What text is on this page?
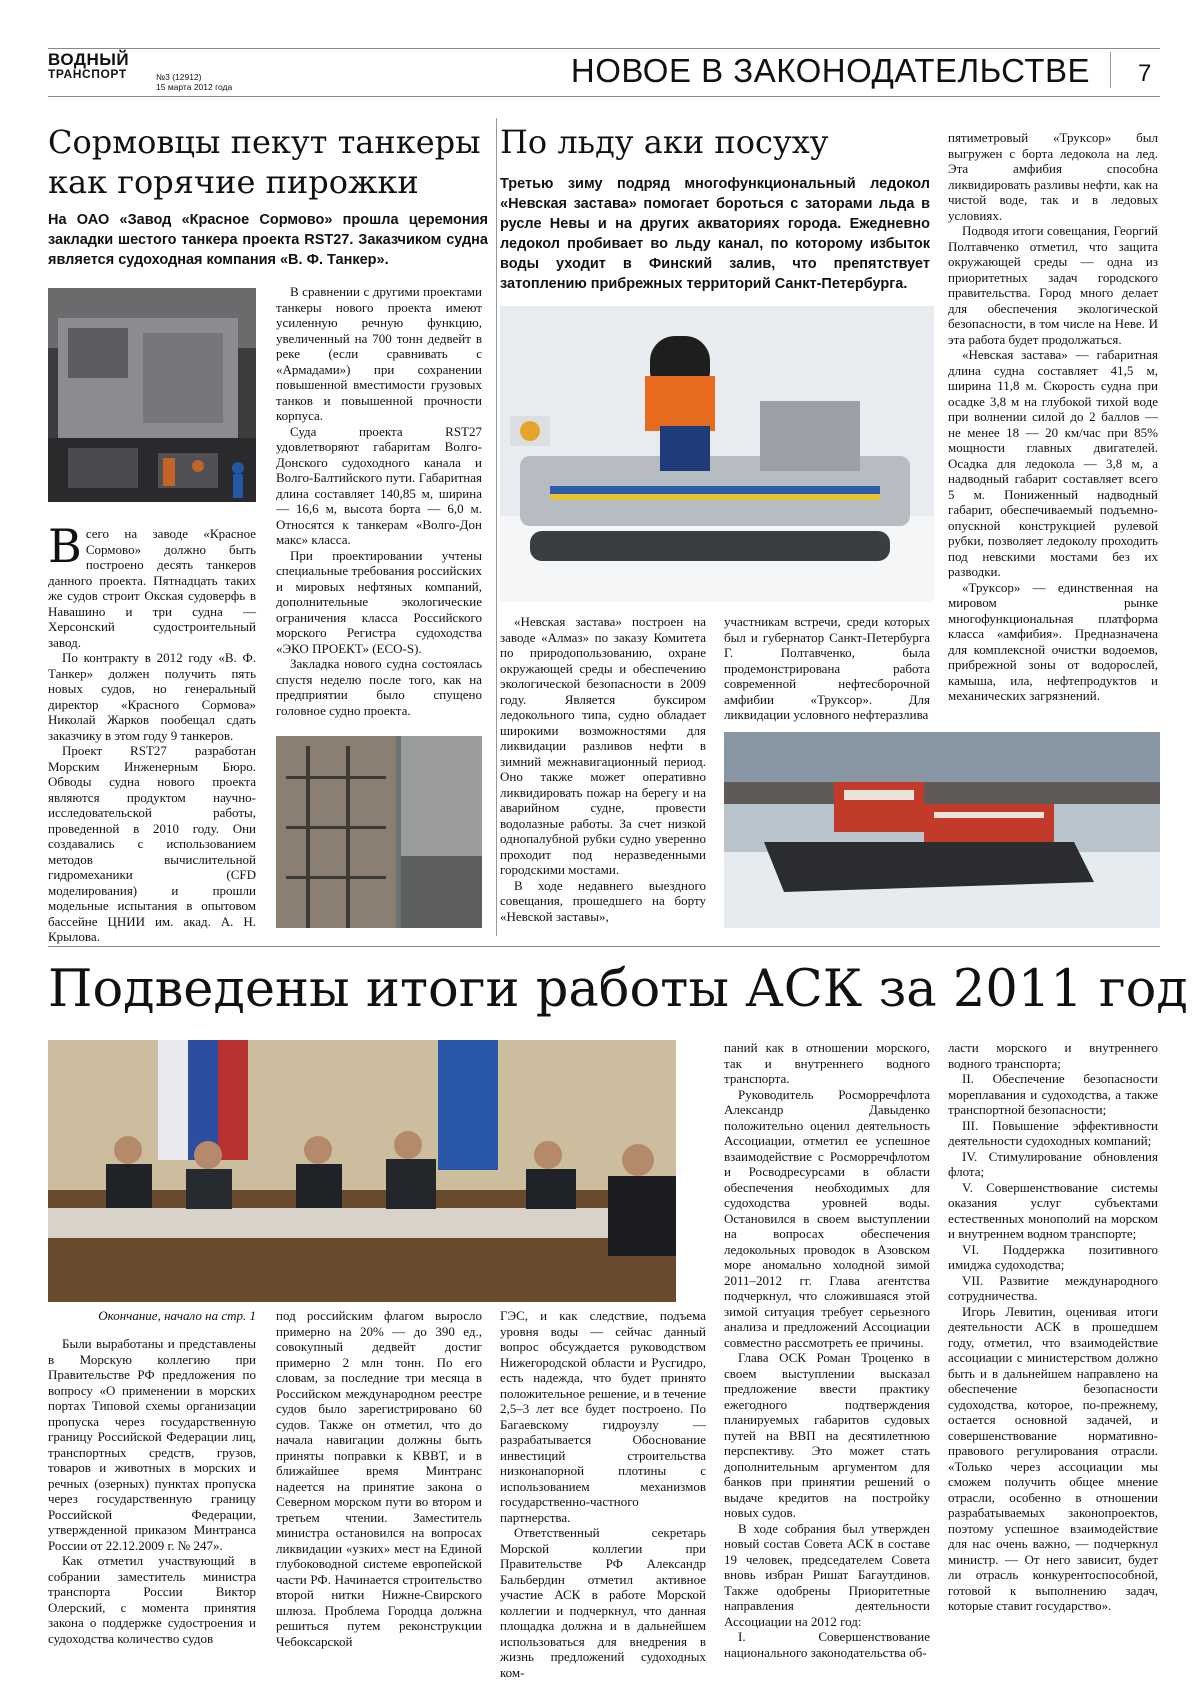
ВОДНЫЙ
ТРАНСПОРТ	№3 (12912)
15 марта 2012 года	НОВОЕ В ЗАКОНОДАТЕЛЬСТВЕ 7
Сормовцы пекут танкеры как горячие пирожки
На ОАО «Завод «Красное Сормово» прошла церемония закладки шестого танкера проекта RST27. Заказчиком судна является судоходная компания «В. Ф. Танкер».
В сего на заводе «Красное Сормово» должно быть построено десять танкеров данного проекта. Пятнадцать таких же судов строит Окская судоверфь в Навашино и три судна — Херсонский судостроительный завод.

По контракту в 2012 году «В. Ф. Танкер» должен получить пять новых судов, но генеральный директор «Красного Сормова» Николай Жарков пообещал сдать заказчику в этом году 9 танкеров.

Проект RST27 разработан Морским Инженерным Бюро. Обводы судна нового проекта являются продуктом научно-исследовательской работы, проведенной в 2010 году. Они создавались с использованием методов вычислительной гидромеханики (CFD моделирования) и прошли модельные испытания в опытовом бассейне ЦНИИ им. акад. А. Н. Крылова.

В сравнении с другими проектами танкеры нового проекта имеют усиленную речную функцию, увеличенный на 700 тонн дедвейт в реке (если сравнивать с «Армадами») при сохранении повышенной вместимости грузовых танков и повышенной прочности корпуса.

Суда проекта RST27 удовлетворяют габаритам Волго-Донского судоходного канала и Волго-Балтийского пути. Габаритная длина составляет 140,85 м, ширина — 16,6 м, высота борта — 6,0 м. Относятся к танкерам «Волго-Дон макс» класса.

При проектировании учтены специальные требования российских и мировых нефтяных компаний, дополнительные экологические ограничения класса Российского морского Регистра судоходства «ЭКО ПРОЕКТ» (ECO-S).

Закладка нового судна состоялась спустя неделю после того, как на предприятии было спущено головное судно проекта.

По льду аки посуху
Третью зиму подряд многофункциональный ледокол «Невская застава» помогает бороться с заторами льда в русле Невы и на других акваториях города. Ежедневно ледокол пробивает во льду канал, по которому избыток воды уходит в Финский залив, что препятствует затоплению прибрежных территорий Санкт-Петербурга.

«Невская застава» построен на заводе «Алмаз» по заказу Комитета по природопользованию, охране окружающей среды и обеспечению экологической безопасности в 2009 году. Является буксиром ледокольного типа, судно обладает широкими возможностями для ликвидации разливов нефти в зимний межнавигационный период. Оно также может оперативно ликвидировать пожар на берегу и на аварийном судне, провести водолазные работы. За счет низкой однопалубной рубки судно уверенно проходит под неразведенными городскими мостами.

В ходе недавнего выездного совещания, прошедшего на борту «Невской заставы»,

участникам встречи, среди которых был и губернатор Санкт-Петербурга Г. Полтавченко, была продемонстрирована работа современной нефтесборочной амфибии «Трукcор». Для ликвидации условного нефтеразлива

пятиметровый «Трукcор» был выгружен с борта ледокола на лед. Эта амфибия способна ликвидировать разливы нефти, как на чистой воде, так и в ледовых условиях.

Подводя итоги совещания, Георгий Полтавченко отметил, что защита окружающей среды — одна из приоритетных задач городского правительства. Город много делает для обеспечения экологической безопасности, в том числе на Неве. И эта работа будет продолжаться.

«Невская застава» — габаритная длина судна составляет 41,5 м, ширина 11,8 м. Скорость судна при осадке 3,8 м на глубокой тихой воде при волнении силой до 2 баллов — не менее 18 — 20 км/час при 85% мощности главных двигателей. Осадка для ледокола — 3,8 м, а надводный габарит составляет всего 5 м. Пониженный надводный габарит, обеспечиваемый подъемно-опускной конструкцией рулевой рубки, позволяет ледоколу проходить под невскими мостами без их разводки.

«Трукcор» — единственная на мировом рынке многофункциональная платформа класса «амфибия». Предназначена для комплексной очистки водоемов, прибрежной зоны от водорослей, камыша, ила, нефтепродуктов и механических загрязнений.

Подведены итоги работы АСК за 2011 год
Окончание, начало на стр. 1

Были выработаны и представлены в Морскую коллегию при Правительстве РФ предложения по вопросу «О применении в морских портах Типовой схемы организации пропуска через государственную границу Российской Федерации лиц, транспортных средств, грузов, товаров и животных в морских и речных (озерных) пунктах пропуска через государственную границу Российской Федерации, утвержденной приказом Минтранса России от 22.12.2009 г. № 247».

Как отметил участвующий в собрании заместитель министра транспорта России Виктор Олерский, с момента принятия закона о поддержке судостроения и судоходства количество судов

под российским флагом выросло примерно на 20% — до 390 ед., совокупный дедвейт достиг примерно 2 млн тонн. По его словам, за последние три месяца в Российском международном реестре судов было зарегистрировано 60 судов. Также он отметил, что до начала навигации должны быть приняты поправки к КВВТ, и в ближайшее время Минтранс надеется на принятие закона о Северном морском пути во втором и третьем чтении. Заместитель министра остановился на вопросах ликвидации «узких» мест на Единой глубоководной системе европейской части РФ. Начинается строительство второй нитки Нижне-Свирского шлюза. Проблема Городца должна решиться путем реконструкции Чебоксарской

ГЭС, и как следствие, подъема уровня воды — сейчас данный вопрос обсуждается руководством Нижегородской области и Русгидро, есть надежда, что будет принято положительное решение, и в течение 2,5–3 лет все будет построено. По Багаевскому гидроузлу — разрабатывается Обоснование инвестиций строительства низконапорной плотины с использованием механизмов государственно-частного партнерства.

Ответственный секретарь Морской коллегии при Правительстве РФ Александр Бальбердин отметил активное участие АСК в работе Морской коллегии и подчеркнул, что данная площадка должна и в дальнейшем использоваться для внедрения в жизнь предложений судоходных ком-

паний как в отношении морского, так и внутреннего водного транспорта.

Руководитель Росморречфлота Александр Давыденко положительно оценил деятельность Ассоциации, отметил ее успешное взаимодействие с Росморречфлотом и Росводресурсами в области обеспечения необходимых для судоходства уровней воды. Остановился в своем выступлении на вопросах обеспечения ледокольных проводок в Азовском море аномально холодной зимой 2011–2012 гг. Глава агентства подчеркнул, что сложившаяся этой зимой ситуация требует серьезного анализа и предложений Ассоциации совместно рассмотреть ее причины.

Глава ОСК Роман Троценко в своем выступлении высказал предложение ввести практику ежегодного подтверждения планируемых габаритов судовых путей на ВВП на десятилетнюю перспективу. Это может стать дополнительным аргументом для банков при принятии решений о выдаче кредитов на постройку новых судов.

В ходе собрания был утвержден новый состав Совета АСК в составе 19 человек, председателем Совета вновь избран Ришат Багаутдинов. Также одобрены Приоритетные направления деятельности Ассоциации на 2012 год:

I. Совершенствование национального законодательства об-

ласти морского и внутреннего водного транспорта;

II. Обеспечение безопасности мореплавания и судоходства, а также транспортной безопасности;

III. Повышение эффективности деятельности судоходных компаний;

IV. Стимулирование обновления флота;

V. Совершенствование системы оказания услуг субъектами естественных монополий на морском и внутреннем водном транспорте;

VI. Поддержка позитивного имиджа судоходства;

VII. Развитие международного сотрудничества.

Игорь Левитин, оценивая итоги деятельности АСК в прошедшем году, отметил, что взаимодействие ассоциации с министерством должно быть и в дальнейшем направлено на обеспечение безопасности судоходства, которое, по-прежнему, остается основной задачей, и совершенствование нормативно-правового регулирования отрасли. «Только через ассоциации мы сможем получить общее мнение отрасли, особенно в отношении разрабатываемых законопроектов, поэтому успешное взаимодействие для нас очень важно, — подчеркнул министр. — От него зависит, будет ли отрасль конкурентоспособной, готовой к выполнению задач, которые ставит государство».
